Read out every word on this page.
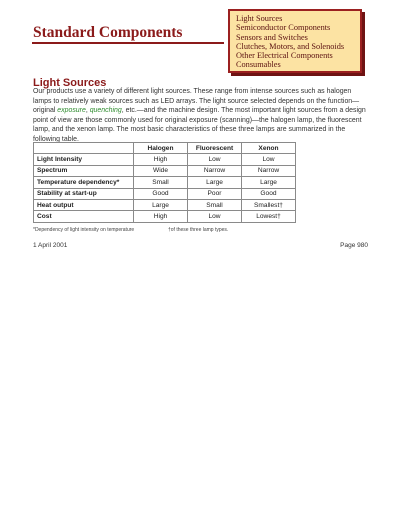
Standard Components
Light Sources
Semiconductor Components
Sensors and Switches
Clutches, Motors, and Solenoids
Other Electrical Components
Consumables
Light Sources

Our products use a variety of different light sources. These range from intense sources such as halogen lamps to relatively weak sources such as LED arrays. The light source selected depends on the function—original exposure, quenching, etc.—and the machine design. The most important light sources from a design point of view are those commonly used for original exposure (scanning)—the halogen lamp, the fluorescent lamp, and the xenon lamp. The most basic characteristics of these three lamps are summarized in the following table.

	Halogen	Fluorescent	Xenon
Light Intensity	High	Low	Low
Spectrum	Wide	Narrow	Narrow
Temperature dependency*	Small	Large	Large
Stability at start-up	Good	Poor	Good
Heat output	Large	Small	Smallest†
Cost	High	Low	Lowest†
*Dependency of light intensity on temperature	†of these three lamp types.
1 April 2001	Page 980
